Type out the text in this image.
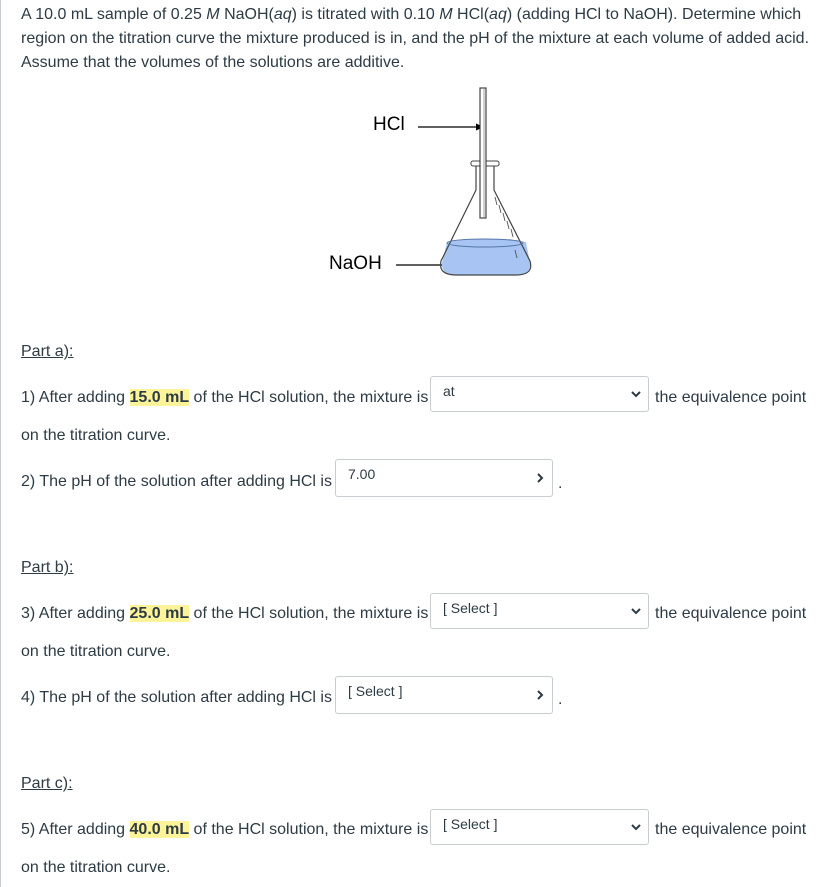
A 10.0 mL sample of 0.25 M NaOH(aq) is titrated with 0.10 M HCl(aq) (adding HCl to NaOH). Determine which
region on the titration curve the mixture produced is in, and the pH of the mixture at each volume of added acid.
Assume that the volumes of the solutions are additive.
HCl
NaOH
Part a):
1) After adding 15.0 mL of the HCl solution, the mixture is at	the equivalence point
on the titration curve.
2) The pH of the solution after adding HCl is 7.00
.
Part b):
3) After adding 25.0 mL of the HCl solution, the mixture is [ Select ]	the equivalence point
on the titration curve.
4) The pH of the solution after adding HCl is [ Select ]	.
Part c):
5) After adding 40.0 mL of the HCl solution, the mixture is [ Select ]	the equivalence point
on the titration curve.
